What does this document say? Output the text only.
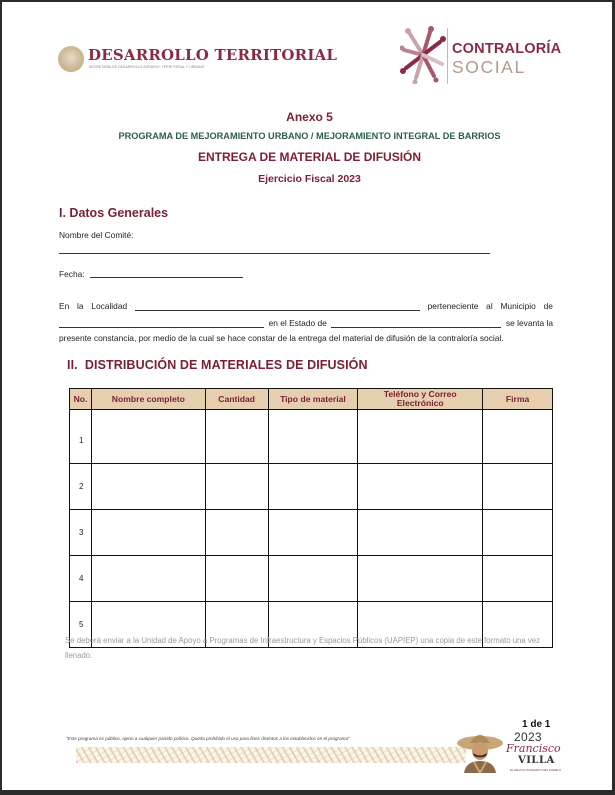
DESARROLLO TERRITORIAL
SECRETARÍA DE DESARROLLO AGRARIO, TERRITORIAL Y URBANO
CONTRALORÍA
SOCIAL
Anexo 5
PROGRAMA DE MEJORAMIENTO URBANO / MEJORAMIENTO INTEGRAL DE BARRIOS
ENTREGA DE MATERIAL DE DIFUSIÓN
Ejercicio Fiscal 2023
I. Datos Generales
Nombre del Comité:
Fecha:
En la Localidad	perteneciente al Municipio de
en el Estado de	se levanta la
presente constancia, por medio de la cual se hace constar de la entrega del material de difusión de la contraloría social.
II.  DISTRIBUCIÓN DE MATERIALES DE DIFUSIÓN
No.	Nombre completo	Cantidad	Tipo de material	Teléfono y Correo Electrónico	Firma
1					
2					
3					
4					
5					
Se deberá enviar a la Unidad de Apoyo a Programas de Infraestructura y Espacios Públicos (UAPIEP) una copia de este formato una vez llenado.
1 de 1
"Este programa es público, ajeno a cualquier partido político. Queda prohibido el uso para fines distintos a los establecidos en el programa"	2023
Francisco
VILLA
EL REVOLUCIONARIO DEL PUEBLO
